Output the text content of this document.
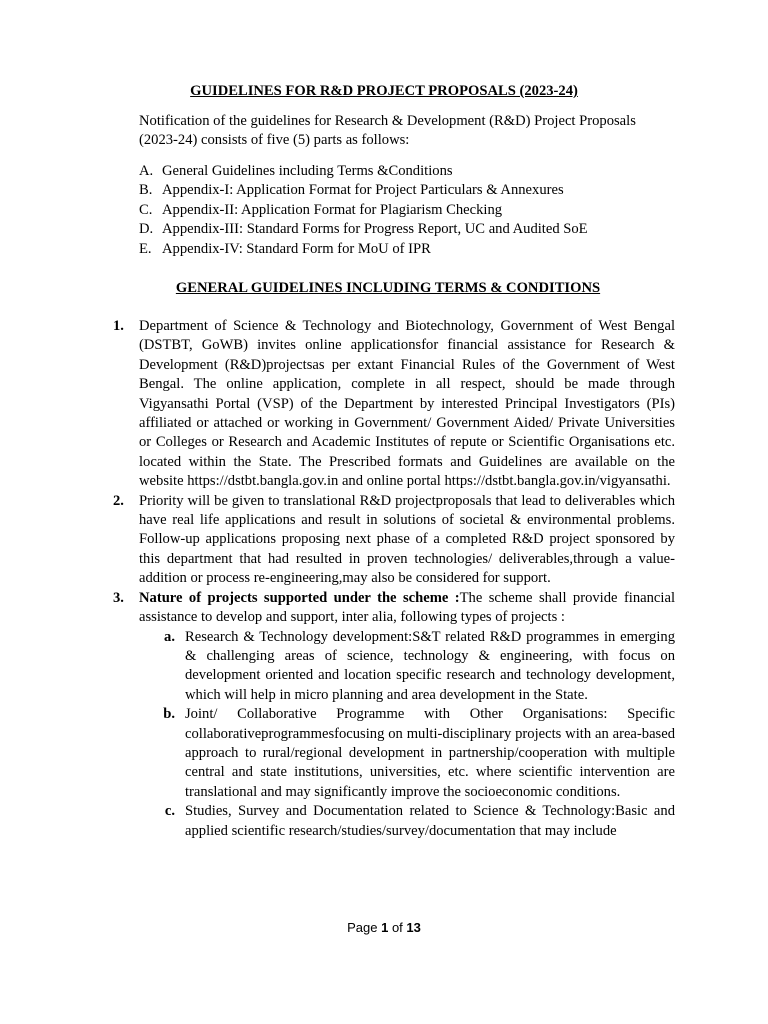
GUIDELINES FOR R&D PROJECT PROPOSALS (2023-24)
Notification of the guidelines for Research & Development (R&D) Project Proposals (2023-24) consists of five (5) parts as follows:
A. General Guidelines including Terms &Conditions
B. Appendix-I: Application Format for Project Particulars & Annexures
C. Appendix-II: Application Format for Plagiarism Checking
D. Appendix-III: Standard Forms for Progress Report, UC and Audited SoE
E. Appendix-IV: Standard Form for MoU of IPR
GENERAL GUIDELINES INCLUDING TERMS & CONDITIONS
1.	Department of Science & Technology and Biotechnology, Government of West Bengal (DSTBT, GoWB) invites online applicationsfor financial assistance for Research & Development (R&D)projectsas per extant Financial Rules of the Government of West Bengal. The online application, complete in all respect, should be made through Vigyansathi Portal (VSP) of the Department by interested Principal Investigators (PIs) affiliated or attached or working in Government/ Government Aided/ Private Universities or Colleges or Research and Academic Institutes of repute or Scientific Organisations etc. located within the State. The Prescribed formats and Guidelines are available on the website https://dstbt.bangla.gov.in and online portal https://dstbt.bangla.gov.in/vigyansathi.
2.	Priority will be given to translational R&D projectproposals that lead to deliverables which have real life applications and result in solutions of societal & environmental problems. Follow-up applications proposing next phase of a completed R&D project sponsored by this department that had resulted in proven technologies/ deliverables,through a value-addition or process re-engineering,may also be considered for support.
3.	Nature of projects supported under the scheme :The scheme shall provide financial assistance to develop and support, inter alia, following types of projects :
a. Research & Technology development:S&T related R&D programmes in emerging & challenging areas of science, technology & engineering, with focus on development oriented and location specific research and technology development, which will help in micro planning and area development in the State.
b. Joint/ Collaborative Programme with Other Organisations: Specific collaborativeprogrammesfocusing on multi-disciplinary projects with an area-based approach to rural/regional development in partnership/cooperation with multiple central and state institutions, universities, etc. where scientific intervention are translational and may significantly improve the socioeconomic conditions.
c. Studies, Survey and Documentation related to Science & Technology:Basic and applied scientific research/studies/survey/documentation that may include
Page 1 of 13
